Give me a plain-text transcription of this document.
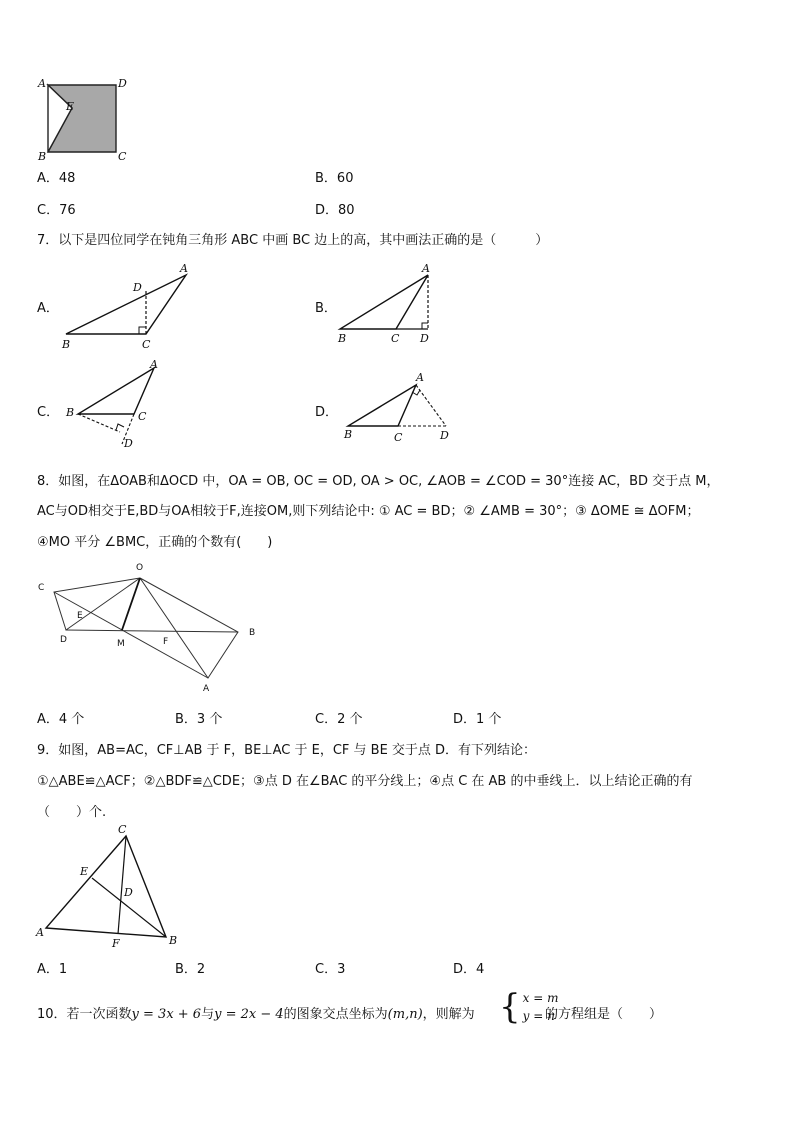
A	D
E
B	C
A．48	B．60
C．76	D．80
7．以下是四位同学在钝角三角形 ABC 中画 BC 边上的高，其中画法正确的是（　　　）
A．
D
A
B	C
B．
A
B	C D
C．
A
B	C
D
D．
A
B	C	D
8．如图，在ΔOAB和ΔOCD 中，OA = OB, OC = OD, OA > OC, ∠AOB = ∠COD = 30°连接 AC，BD 交于点 M，
AC与OD相交于E,BD与OA相较于F,连接OM,则下列结论中: ① AC = BD；② ∠AMB = 30°；③ ΔOME ≅ ΔOFM；
④MO 平分 ∠BMC，正确的个数有(　　)
O
C
E
D	M	F
B
A
A．4 个	B．3 个	C．2 个	D．1 个
9．如图，AB=AC，CF⊥AB 于 F，BE⊥AC 于 E，CF 与 BE 交于点 D．有下列结论：
①△ABE≌△ACF；②△BDF≌△CDE；③点 D 在∠BAC 的平分线上；④点 C 在 AB 的中垂线上．以上结论正确的有
（　　）个.
C
E
D
A
F	B
A．1	B．2	C．3	D．4
10．若一次函数y = 3x + 6与y = 2x − 4的图象交点坐标为(m,n)，则解为 { x = m
y = n
的方程组是（　　）
